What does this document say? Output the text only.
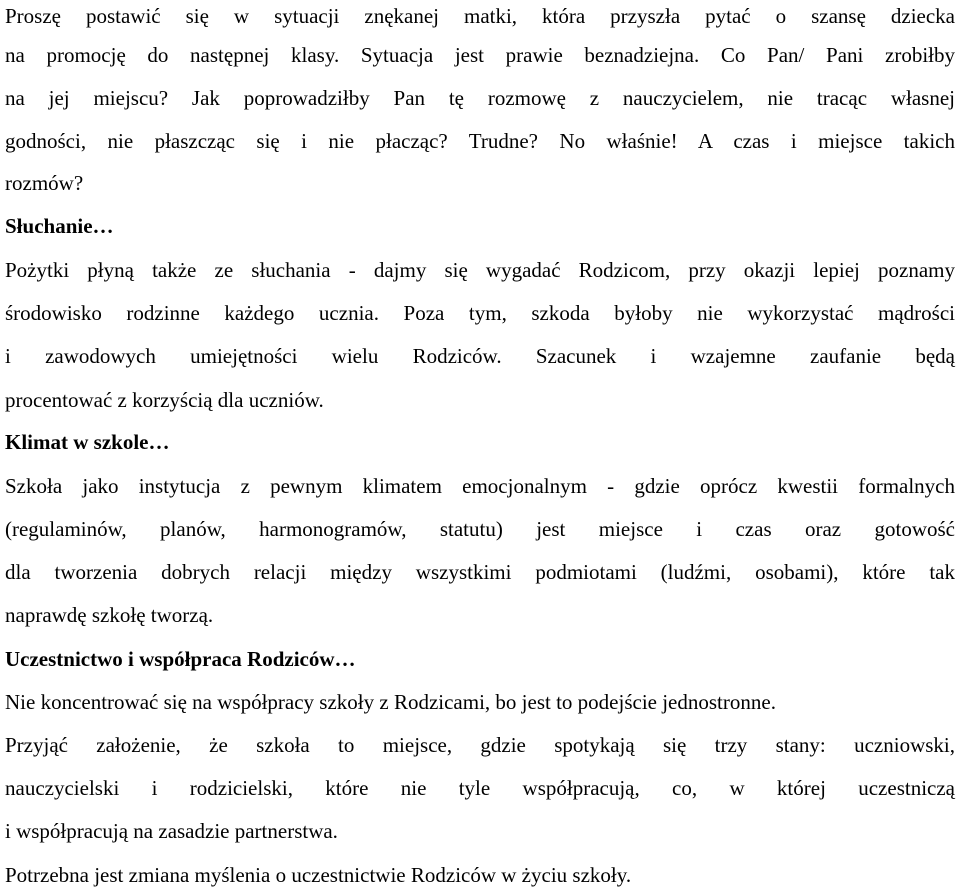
Proszę postawić się w sytuacji znękanej matki, która przyszła pytać o szansę dziecka
na promocję do następnej klasy. Sytuacja jest prawie beznadziejna. Co Pan/ Pani zrobiłby
na jej miejscu? Jak poprowadziłby Pan tę rozmowę z nauczycielem, nie tracąc własnej
godności, nie płaszcząc się i nie płacząc? Trudne? No właśnie! A czas i miejsce takich
rozmów?
Słuchanie…
Pożytki płyną także ze słuchania - dajmy się wygadać Rodzicom, przy okazji lepiej poznamy
środowisko rodzinne każdego ucznia. Poza tym, szkoda byłoby nie wykorzystać mądrości
i zawodowych umiejętności wielu Rodziców. Szacunek i wzajemne zaufanie będą
procentować z korzyścią dla uczniów.
Klimat w szkole…
Szkoła jako instytucja z pewnym klimatem emocjonalnym - gdzie oprócz kwestii formalnych
(regulaminów, planów, harmonogramów, statutu) jest miejsce i czas oraz gotowość
dla tworzenia dobrych relacji między wszystkimi podmiotami (ludźmi, osobami), które tak
naprawdę szkołę tworzą.
Uczestnictwo i współpraca Rodziców…
Nie koncentrować się na współpracy szkoły z Rodzicami, bo jest to podejście jednostronne.
Przyjąć założenie, że szkoła to miejsce, gdzie spotykają się trzy stany: uczniowski,
nauczycielski i rodzicielski, które nie tyle współpracują, co, w której uczestniczą
i współpracują na zasadzie partnerstwa.
Potrzebna jest zmiana myślenia o uczestnictwie Rodziców w życiu szkoły.
